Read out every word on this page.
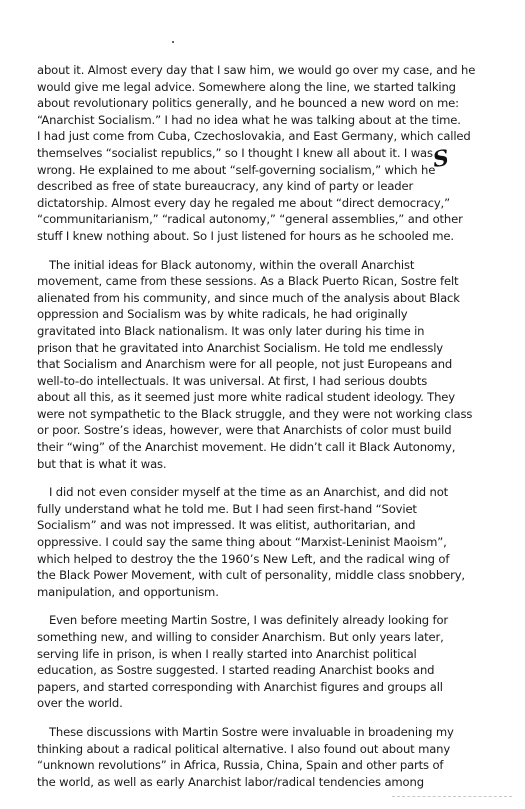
S

about it. Almost every day that I saw him, we would go over my case, and he
would give me legal advice. Somewhere along the line, we started talking
about revolutionary politics generally, and he bounced a new word on me:
“Anarchist Socialism.” I had no idea what he was talking about at the time.
I had just come from Cuba, Czechoslovakia, and East Germany, which called
themselves “socialist republics,” so I thought I knew all about it. I was
wrong. He explained to me about “self-governing socialism,” which he
described as free of state bureaucracy, any kind of party or leader
dictatorship. Almost every day he regaled me about “direct democracy,”
“communitarianism,” “radical autonomy,” “general assemblies,” and other
stuff I knew nothing about. So I just listened for hours as he schooled me.

The initial ideas for Black autonomy, within the overall Anarchist
movement, came from these sessions. As a Black Puerto Rican, Sostre felt
alienated from his community, and since much of the analysis about Black
oppression and Socialism was by white radicals, he had originally
gravitated into Black nationalism. It was only later during his time in
prison that he gravitated into Anarchist Socialism. He told me endlessly
that Socialism and Anarchism were for all people, not just Europeans and
well-to-do intellectuals. It was universal. At first, I had serious doubts
about all this, as it seemed just more white radical student ideology. They
were not sympathetic to the Black struggle, and they were not working class
or poor. Sostre’s ideas, however, were that Anarchists of color must build
their “wing” of the Anarchist movement. He didn’t call it Black Autonomy,
but that is what it was.

I did not even consider myself at the time as an Anarchist, and did not
fully understand what he told me. But I had seen first-hand “Soviet
Socialism” and was not impressed. It was elitist, authoritarian, and
oppressive. I could say the same thing about “Marxist-Leninist Maoism”,
which helped to destroy the the 1960’s New Left, and the radical wing of
the Black Power Movement, with cult of personality, middle class snobbery,
manipulation, and opportunism.

Even before meeting Martin Sostre, I was definitely already looking for
something new, and willing to consider Anarchism. But only years later,
serving life in prison, is when I really started into Anarchist political
education, as Sostre suggested. I started reading Anarchist books and
papers, and started corresponding with Anarchist figures and groups all
over the world.

These discussions with Martin Sostre were invaluable in broadening my
thinking about a radical political alternative. I also found out about many
“unknown revolutions” in Africa, Russia, China, Spain and other parts of
the world, as well as early Anarchist labor/radical tendencies among
